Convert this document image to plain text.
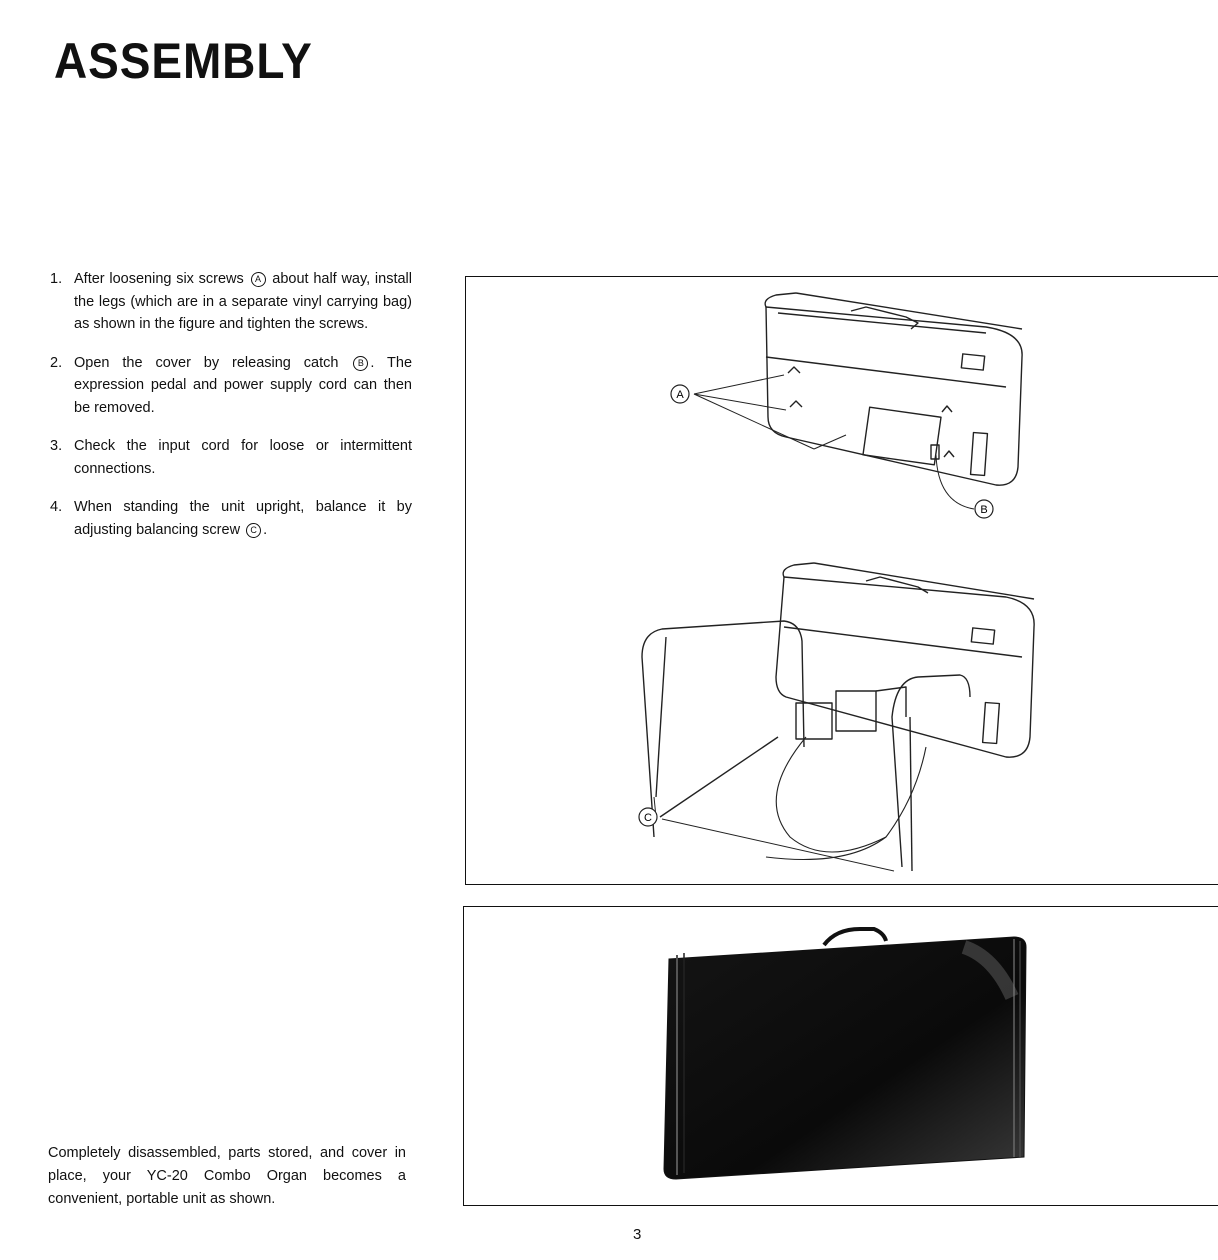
ASSEMBLY
1. After loosening six screws A about half way, install the legs (which are in a separate vinyl carrying bag) as shown in the figure and tighten the screws.
2. Open the cover by releasing catch B . The expression pedal and power supply cord can then be removed.
3. Check the input cord for loose or intermittent connections.
4. When standing the unit upright, balance it by adjusting balancing screw C .

Completely disassembled, parts stored, and cover in place, your YC-20 Combo Organ becomes a convenient, portable unit as shown.

A
B
C
3
